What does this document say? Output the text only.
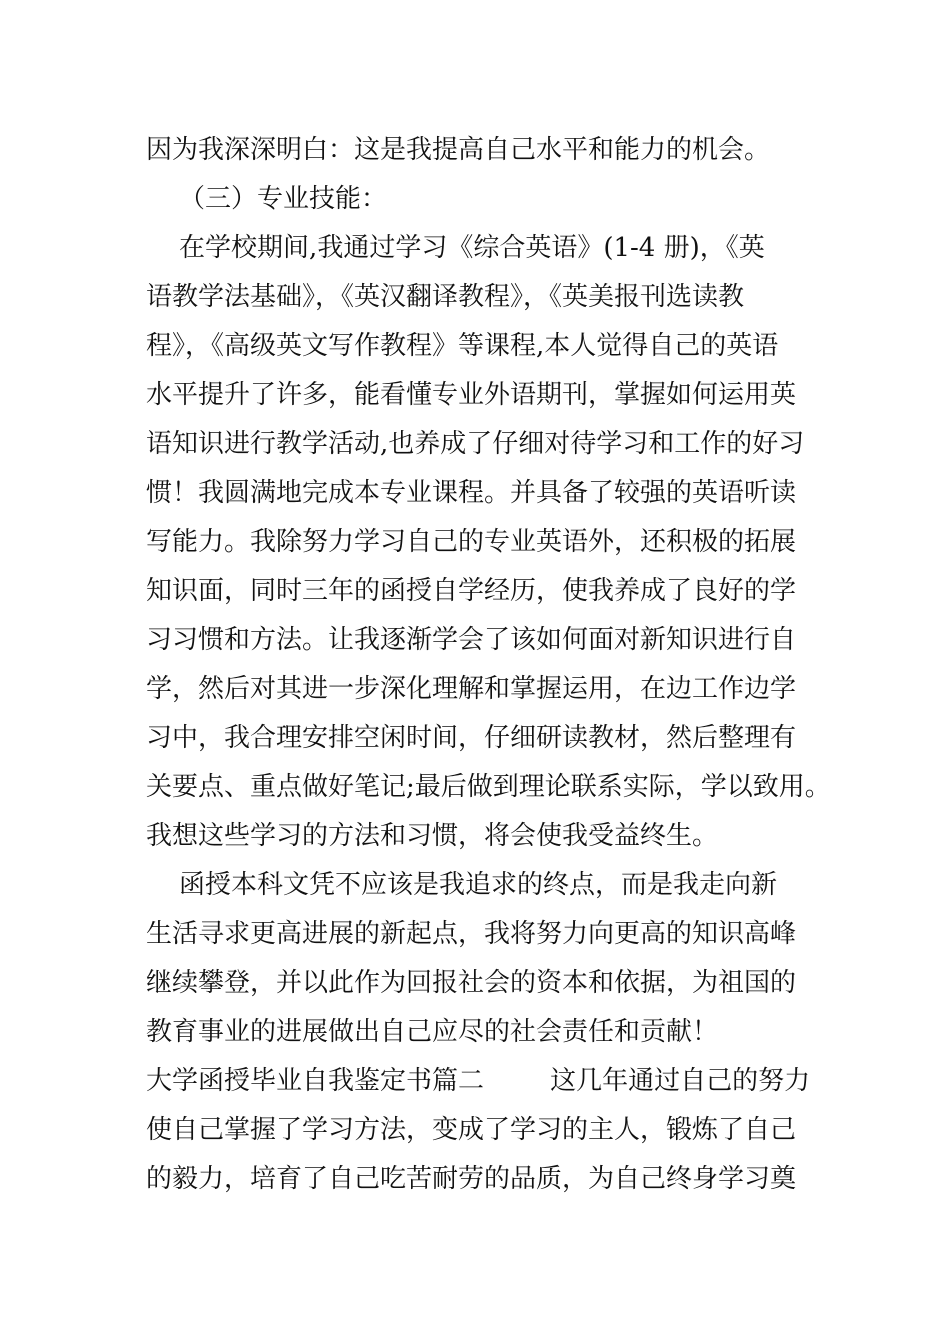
因为我深深明白：这是我提高自己水平和能力的机会。
（三）专业技能：
在学校期间,我通过学习《综合英语》(1-4 册)，《英
语教学法基础》，《英汉翻译教程》，《英美报刊选读教
程》，《高级英文写作教程》等课程,本人觉得自己的英语
水平提升了许多，能看懂专业外语期刊，掌握如何运用英
语知识进行教学活动,也养成了仔细对待学习和工作的好习
惯！我圆满地完成本专业课程。并具备了较强的英语听读
写能力。我除努力学习自己的专业英语外，还积极的拓展
知识面，同时三年的函授自学经历，使我养成了良好的学
习习惯和方法。让我逐渐学会了该如何面对新知识进行自
学，然后对其进一步深化理解和掌握运用，在边工作边学
习中，我合理安排空闲时间，仔细研读教材，然后整理有
关要点、重点做好笔记;最后做到理论联系实际，学以致用。
我想这些学习的方法和习惯，将会使我受益终生。
函授本科文凭不应该是我追求的终点，而是我走向新
生活寻求更高进展的新起点，我将努力向更高的知识高峰
继续攀登，并以此作为回报社会的资本和依据，为祖国的
教育事业的进展做出自己应尽的社会责任和贡献！
大学函授毕业自我鉴定书篇二        这几年通过自己的努力
使自己掌握了学习方法，变成了学习的主人，锻炼了自己
的毅力，培育了自己吃苦耐劳的品质，为自己终身学习奠
